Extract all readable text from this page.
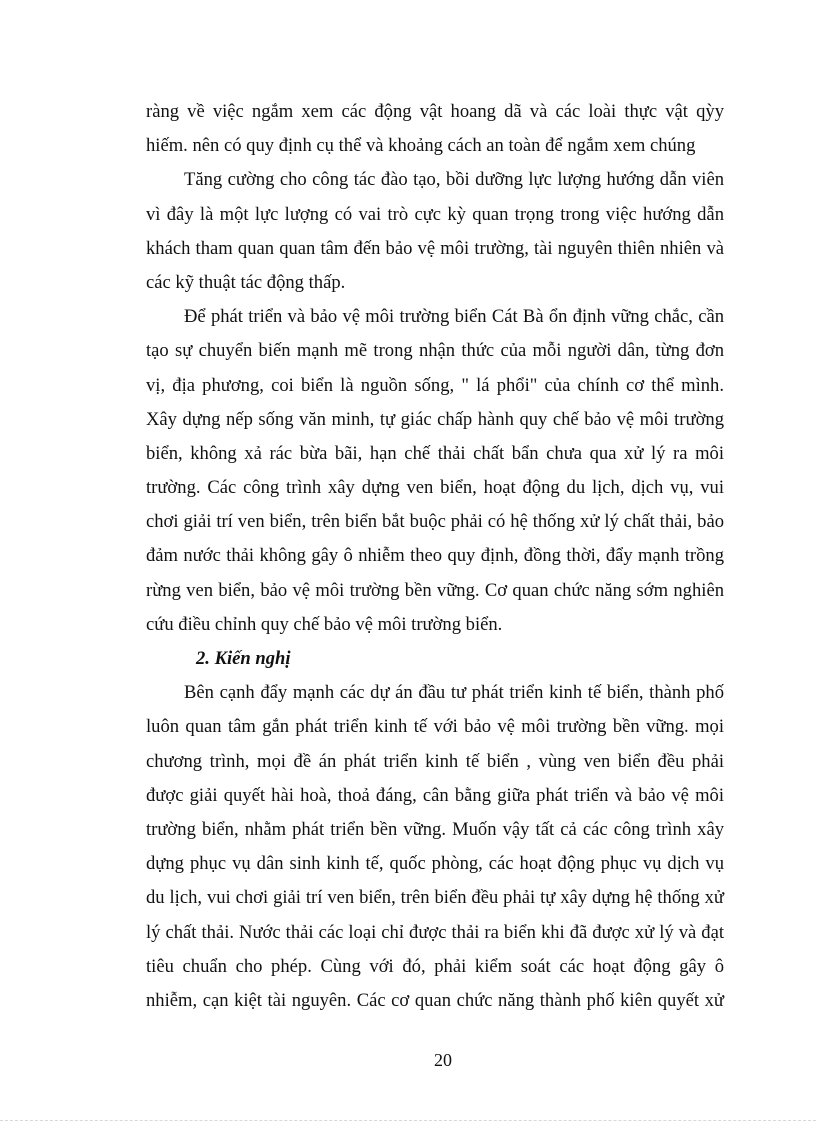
ràng về việc ngắm xem các động vật hoang dã và các loài thực vật qỳy
hiếm. nên có quy định cụ thể và khoảng cách an toàn để ngắm xem chúng
Tăng cường cho công tác đào tạo, bồi dưỡng lực lượng hướng dẫn viên
vì đây là một lực lượng có vai trò cực kỳ quan trọng trong việc hướng dẫn
khách tham quan quan tâm đến bảo vệ môi trường, tài nguyên thiên nhiên và
các kỹ thuật tác động thấp.
Để phát triển và bảo vệ môi trường biển Cát Bà ổn định vững chắc, cần
tạo sự chuyển biến mạnh mẽ trong nhận thức của mỗi người dân, từng đơn
vị, địa phương, coi biển là nguồn sống, " lá phổi" của chính cơ thể mình.
Xây dựng nếp sống văn minh, tự giác chấp hành quy chế bảo vệ môi trường
biển, không xả rác bừa bãi, hạn chế thải chất bẩn chưa qua xử lý ra môi
trường. Các công trình xây dựng ven biển, hoạt động du lịch, dịch vụ, vui
chơi giải trí ven biển, trên biển bắt buộc phải có hệ thống xử lý chất thải, bảo
đảm nước thải không gây ô nhiễm theo quy định, đồng thời, đẩy mạnh trồng
rừng ven biển, bảo vệ môi trường bền vững. Cơ quan chức năng sớm nghiên
cứu điều chỉnh quy chế bảo vệ môi trường biển.
2. Kiến nghị
Bên cạnh đẩy mạnh các dự án đầu tư phát triển kinh tế biển, thành phố
luôn quan tâm gắn phát triển kinh tế với bảo vệ môi trường bền vững. mọi
chương trình, mọi đề án phát triển kinh tế biển , vùng ven biển đều phải
được giải quyết hài hoà, thoả đáng, cân bằng giữa phát triển và bảo vệ môi
trường biển, nhằm phát triển bền vững. Muốn vậy tất cả các công trình xây
dựng phục vụ dân sinh kinh tế, quốc phòng, các hoạt động phục vụ dịch vụ
du lịch, vui chơi giải trí ven biển, trên biển đều phải tự xây dựng hệ thống xử
lý chất thải. Nước thải các loại chỉ được thải ra biển khi đã được xử lý và đạt
tiêu chuẩn cho phép. Cùng với đó, phải kiểm soát các hoạt động gây ô
nhiễm, cạn kiệt tài nguyên. Các cơ quan chức năng thành phố kiên quyết xử
20
